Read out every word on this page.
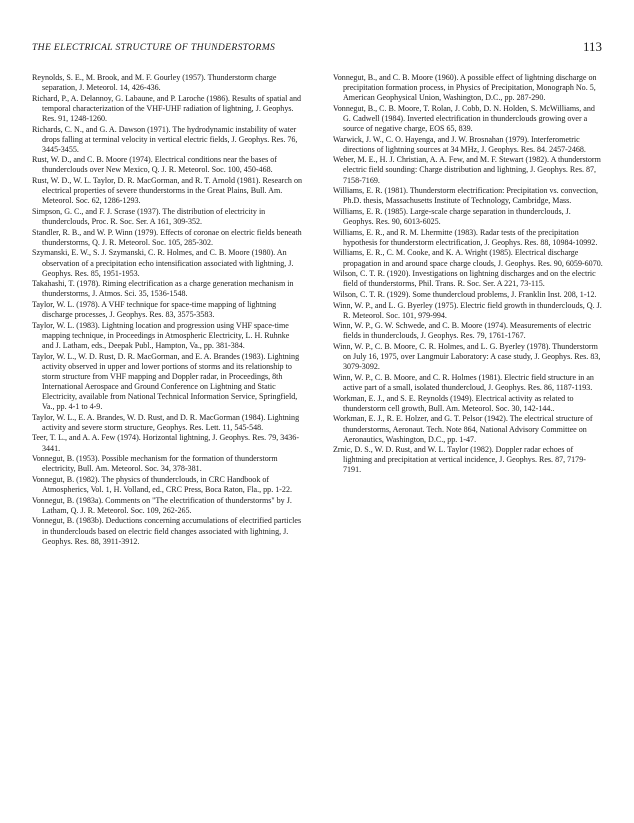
THE ELECTRICAL STRUCTURE OF THUNDERSTORMS	113

Reynolds, S. E., M. Brook, and M. F. Gourley (1957). Thunderstorm charge separation, J. Meteorol. 14, 426-436.

Richard, P., A. Delannoy, G. Labaune, and P. Laroche (1986). Results of spatial and temporal characterization of the VHF-UHF radiation of lightning, J. Geophys. Res. 91, 1248-1260.

Richards, C. N., and G. A. Dawson (1971). The hydrodynamic instability of water drops falling at terminal velocity in vertical electric fields, J. Geophys. Res. 76, 3445-3455.

Rust, W. D., and C. B. Moore (1974). Electrical conditions near the bases of thunderclouds over New Mexico, Q. J. R. Meteorol. Soc. 100, 450-468.

Rust, W. D., W. L. Taylor, D. R. MacGorman, and R. T. Arnold (1981). Research on electrical properties of severe thunderstorms in the Great Plains, Bull. Am. Meteorol. Soc. 62, 1286-1293.

Simpson, G. C., and F. J. Scrase (1937). The distribution of electricity in thunderclouds, Proc. R. Soc. Ser. A 161, 309-352.

Standler, R. B., and W. P. Winn (1979). Effects of coronae on electric fields beneath thunderstorms, Q. J. R. Meteorol. Soc. 105, 285-302.

Szymanski, E. W., S. J. Szymanski, C. R. Holmes, and C. B. Moore (1980). An observation of a precipitation echo intensification associated with lightning, J. Geophys. Res. 85, 1951-1953.

Takahashi, T. (1978). Riming electrification as a charge generation mechanism in thunderstorms, J. Atmos. Sci. 35, 1536-1548.

Taylor, W. L. (1978). A VHF technique for space-time mapping of lightning discharge processes, J. Geophys. Res. 83, 3575-3583.

Taylor, W. L. (1983). Lightning location and progression using VHF space-time mapping technique, in Proceedings in Atmospheric Electricity, L. H. Ruhnke and J. Latham, eds., Deepak Publ., Hampton, Va., pp. 381-384.

Taylor, W. L., W. D. Rust, D. R. MacGorman, and E. A. Brandes (1983). Lightning activity observed in upper and lower portions of storms and its relationship to storm structure from VHF mapping and Doppler radar, in Proceedings, 8th International Aerospace and Ground Conference on Lightning and Static Electricity, available from National Technical Information Service, Springfield, Va., pp. 4-1 to 4-9.

Taylor, W. L., E. A. Brandes, W. D. Rust, and D. R. MacGorman (1984). Lightning activity and severe storm structure, Geophys. Res. Lett. 11, 545-548.

Teer, T. L., and A. A. Few (1974). Horizontal lightning, J. Geophys. Res. 79, 3436-3441.

Vonnegut, B. (1953). Possible mechanism for the formation of thunderstorm electricity, Bull. Am. Meteorol. Soc. 34, 378-381.

Vonnegut, B. (1982). The physics of thunderclouds, in CRC Handbook of Atmospherics, Vol. 1, H. Volland, ed., CRC Press, Boca Raton, Fla., pp. 1-22.

Vonnegut, B. (1983a). Comments on "The electrification of thunderstorms" by J. Latham, Q. J. R. Meteorol. Soc. 109, 262-265.

Vonnegut, B. (1983b). Deductions concerning accumulations of electrified particles in thunderclouds based on electric field changes associated with lightning, J. Geophys. Res. 88, 3911-3912.

Vonnegut, B., and C. B. Moore (1960). A possible effect of lightning discharge on precipitation formation process, in Physics of Precipitation, Monograph No. 5, American Geophysical Union, Washington, D.C., pp. 287-290.

Vonnegut, B., C. B. Moore, T. Rolan, J. Cobb, D. N. Holden, S. McWilliams, and G. Cadwell (1984). Inverted electrification in thunderclouds growing over a source of negative charge, EOS 65, 839.

Warwick, J. W., C. O. Hayenga, and J. W. Brosnahan (1979). Interferometric directions of lightning sources at 34 MHz, J. Geophys. Res. 84. 2457-2468.

Weber, M. E., H. J. Christian, A. A. Few, and M. F. Stewart (1982). A thunderstorm electric field sounding: Charge distribution and lightning, J. Geophys. Res. 87, 7158-7169.

Williams, E. R. (1981). Thunderstorm electrification: Precipitation vs. convection, Ph.D. thesis, Massachusetts Institute of Technology, Cambridge, Mass.

Williams, E. R. (1985). Large-scale charge separation in thunderclouds, J. Geophys. Res. 90, 6013-6025.

Williams, E. R., and R. M. Lhermitte (1983). Radar tests of the precipitation hypothesis for thunderstorm electrification, J. Geophys. Res. 88, 10984-10992.

Williams, E. R., C. M. Cooke, and K. A. Wright (1985). Electrical discharge propagation in and around space charge clouds, J. Geophys. Res. 90, 6059-6070.

Wilson, C. T. R. (1920). Investigations on lightning discharges and on the electric field of thunderstorms, Phil. Trans. R. Soc. Ser. A 221, 73-115.

Wilson, C. T. R. (1929). Some thundercloud problems, J. Franklin Inst. 208, 1-12.

Winn, W. P., and L. G. Byerley (1975). Electric field growth in thunderclouds, Q. J. R. Meteorol. Soc. 101, 979-994.

Winn, W. P., G. W. Schwede, and C. B. Moore (1974). Measurements of electric fields in thunderclouds, J. Geophys. Res. 79, 1761-1767.

Winn, W. P., C. B. Moore, C. R. Holmes, and L. G. Byerley (1978). Thunderstorm on July 16, 1975, over Langmuir Laboratory: A case study, J. Geophys. Res. 83, 3079-3092.

Winn, W. P., C. B. Moore, and C. R. Holmes (1981). Electric field structure in an active part of a small, isolated thundercloud, J. Geophys. Res. 86, 1187-1193.

Workman, E. J., and S. E. Reynolds (1949). Electrical activity as related to thunderstorm cell growth, Bull. Am. Meteorol. Soc. 30, 142-144..

Workman, E. J., R. E. Holzer, and G. T. Pelsor (1942). The electrical structure of thunderstorms, Aeronaut. Tech. Note 864, National Advisory Committee on Aeronautics, Washington, D.C., pp. 1-47.

Zrnic, D. S., W. D. Rust, and W. L. Taylor (1982). Doppler radar echoes of lightning and precipitation at vertical incidence, J. Geophys. Res. 87, 7179-7191.
